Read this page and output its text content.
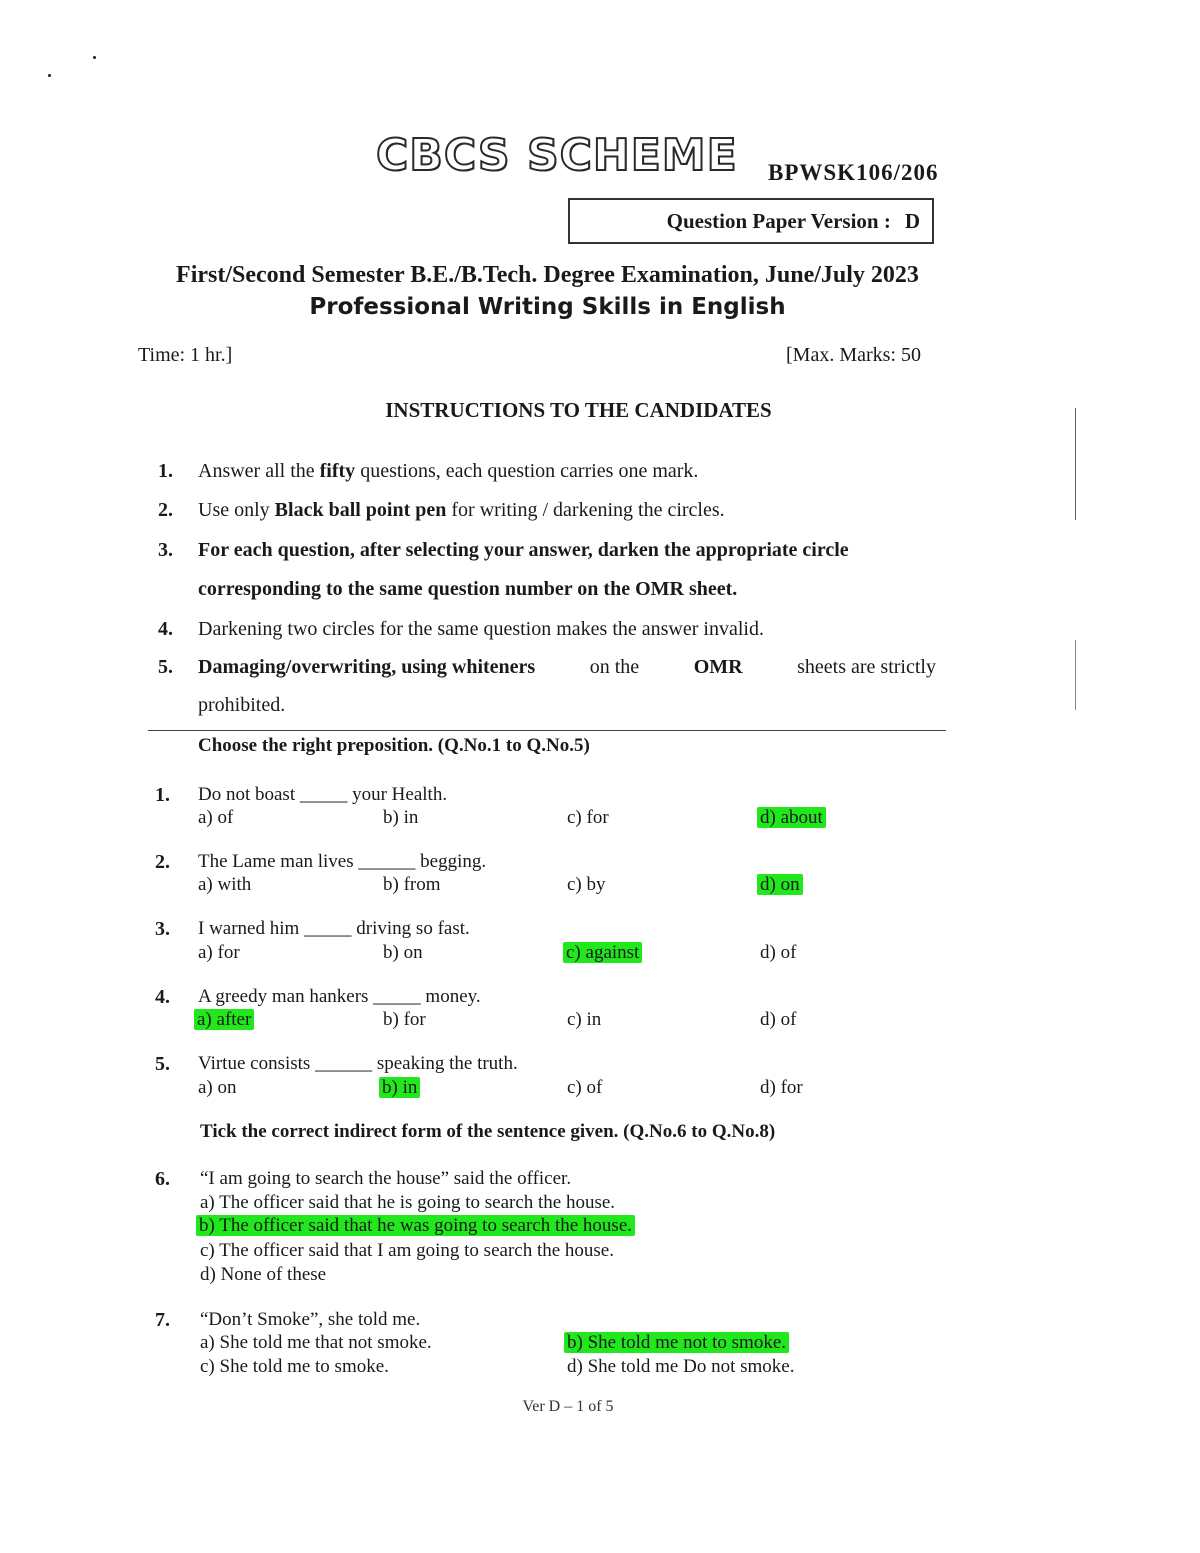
CBCS SCHEME BPWSK106/206
Question Paper Version : D
First/Second Semester B.E./B.Tech. Degree Examination, June/July 2023
Professional Writing Skills in English
Time: 1 hr.]	[Max. Marks: 50
INSTRUCTIONS TO THE CANDIDATES
1. Answer all the fifty questions, each question carries one mark.
2. Use only Black ball point pen for writing / darkening the circles.
3. For each question, after selecting your answer, darken the appropriate circle
corresponding to the same question number on the OMR sheet.
4. Darkening two circles for the same question makes the answer invalid.
5. Damaging/overwriting, using whiteners	on the	OMR	sheets are strictly
prohibited.
Choose the right preposition. (Q.No.1 to Q.No.5)
1. Do not boast _____ your Health.
a) of	b) in	c) for	d) about
2. The Lame man lives ______ begging.
a) with	b) from	c) by	d) on
3. I warned him _____ driving so fast.
a) for	b) on	c) against	d) of
4. A greedy man hankers _____ money.
a) after	b) for	c) in	d) of
5. Virtue consists ______ speaking the truth.
a) on	b) in	c) of	d) for
Tick the correct indirect form of the sentence given. (Q.No.6 to Q.No.8)
6. “I am going to search the house” said the officer.
a) The officer said that he is going to search the house.
b) The officer said that he was going to search the house.
c) The officer said that I am going to search the house.
d) None of these
7. “Don’t Smoke”, she told me.
a) She told me that not smoke.	b) She told me not to smoke.
c) She told me to smoke.	d) She told me Do not smoke.
Ver D – 1 of 5
